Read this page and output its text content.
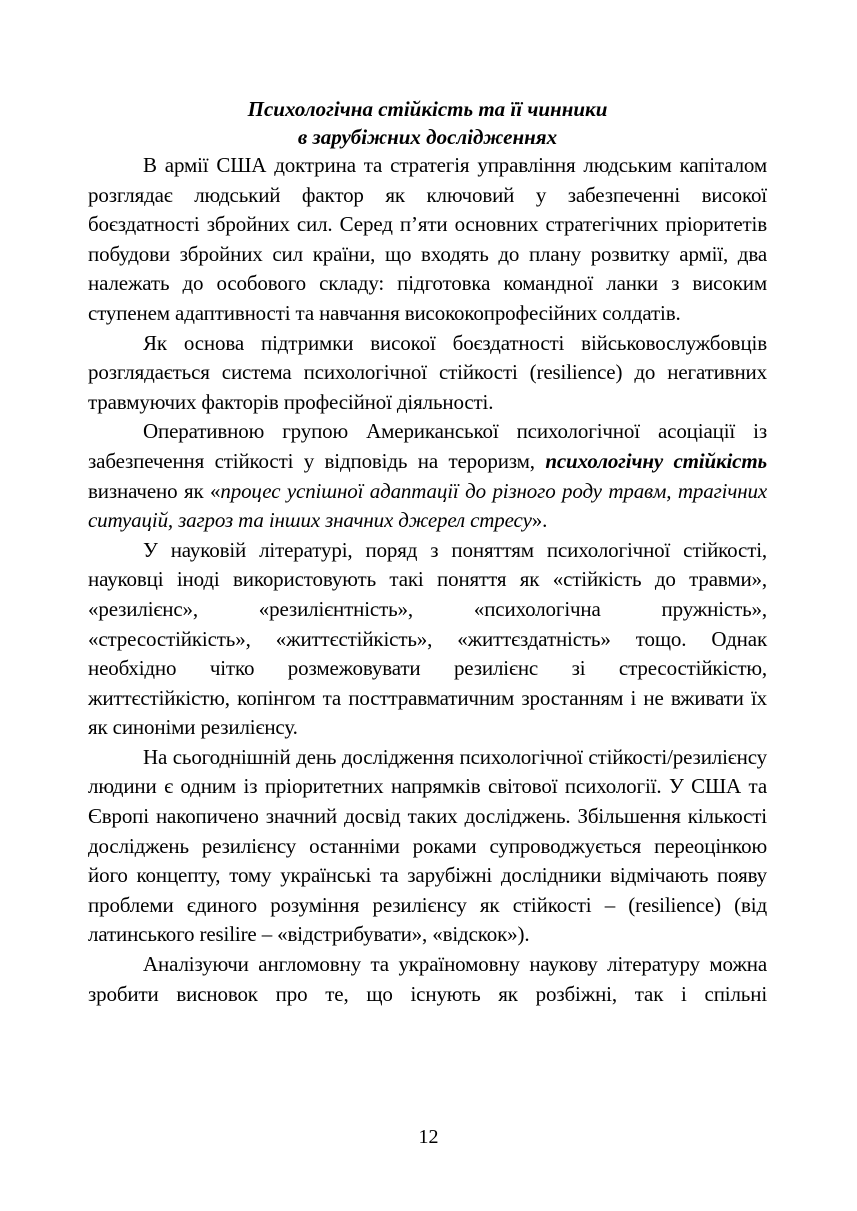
Психологічна стійкість та її чинники
в зарубіжних дослідженнях

В армії США доктрина та стратегія управління людським капіталом розглядає людський фактор як ключовий у забезпеченні високої боєздатності збройних сил. Серед п’яти основних стратегічних пріоритетів побудови збройних сил країни, що входять до плану розвитку армії, два належать до особового складу: підготовка командної ланки з високим ступенем адаптивності та навчання висококопрофесійних солдатів.

Як основа підтримки високої боєздатності військовослужбовців розглядається система психологічної стійкості (resilience) до негативних травмуючих факторів професійної діяльності.

Оперативною групою Американської психологічної асоціації із забезпечення стійкості у відповідь на тероризм, психологічну стійкість визначено як «процес успішної адаптації до різного роду травм, трагічних ситуацій, загроз та інших значних джерел стресу».

У науковій літературі, поряд з поняттям психологічної стійкості, науковці іноді використовують такі поняття як «стійкість до травми», «резилієнс», «резилієнтність», «психологічна пружність», «стресостійкість», «життєстійкість», «життєздатність» тощо. Однак необхідно чітко розмежовувати резилієнс зі стресостійкістю, життєстійкістю, копінгом та посттравматичним зростанням і не вживати їх як синоніми резилієнсу.

На сьогоднішній день дослідження психологічної стійкості/резилієнсу людини є одним із пріоритетних напрямків світової психології. У США та Європі накопичено значний досвід таких досліджень. Збільшення кількості досліджень резилієнсу останніми роками супроводжується переоцінкою його концепту, тому українські та зарубіжні дослідники відмічають появу проблеми єдиного розуміння резилієнсу як стійкості – (resilience) (від латинського resilire – «відстрибувати», «відскок»).

Аналізуючи англомовну та україномовну наукову літературу можна зробити висновок про те, що існують як розбіжні, так і спільні

12
